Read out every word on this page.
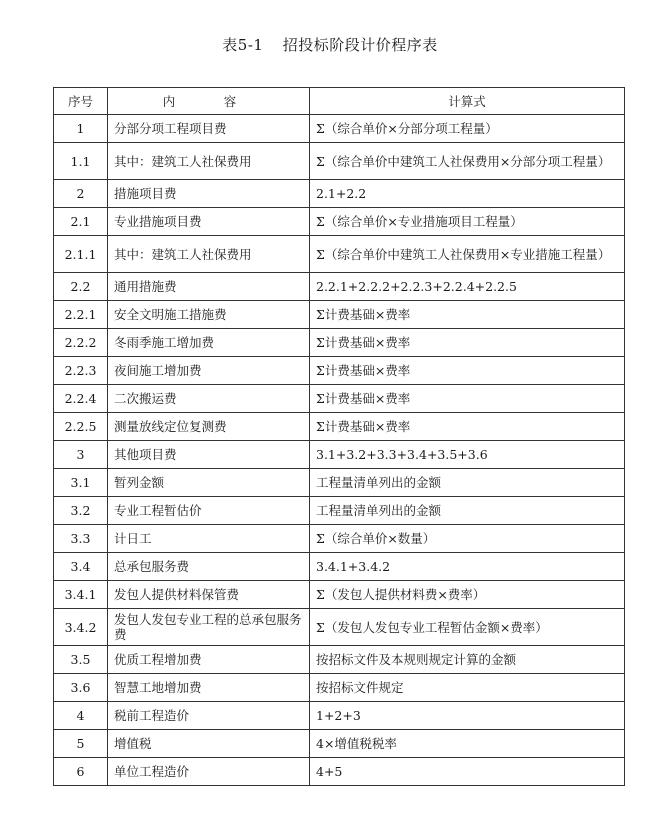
表5-1 招投标阶段计价程序表
序号	内　容	计算式
1	分部分项工程项目费	Σ（综合单价×分部分项工程量）
1.1	其中：建筑工人社保费用	Σ（综合单价中建筑工人社保费用×分部分项工程量）
2	措施项目费	2.1+2.2
2.1	专业措施项目费	Σ（综合单价×专业措施项目工程量）
2.1.1	其中：建筑工人社保费用	Σ（综合单价中建筑工人社保费用×专业措施工程量）
2.2	通用措施费	2.2.1+2.2.2+2.2.3+2.2.4+2.2.5
2.2.1	安全文明施工措施费	Σ计费基础×费率
2.2.2	冬雨季施工增加费	Σ计费基础×费率
2.2.3	夜间施工增加费	Σ计费基础×费率
2.2.4	二次搬运费	Σ计费基础×费率
2.2.5	测量放线定位复测费	Σ计费基础×费率
3	其他项目费	3.1+3.2+3.3+3.4+3.5+3.6
3.1	暂列金额	工程量清单列出的金额
3.2	专业工程暂估价	工程量清单列出的金额
3.3	计日工	Σ（综合单价×数量）
3.4	总承包服务费	3.4.1+3.4.2
3.4.1	发包人提供材料保管费	Σ（发包人提供材料费×费率）
3.4.2	发包人发包专业工程的总承包服务费	Σ（发包人发包专业工程暂估金额×费率）
3.5	优质工程增加费	按招标文件及本规则规定计算的金额
3.6	智慧工地增加费	按招标文件规定
4	税前工程造价	1+2+3
5	增值税	4×增值税税率
6	单位工程造价	4+5
